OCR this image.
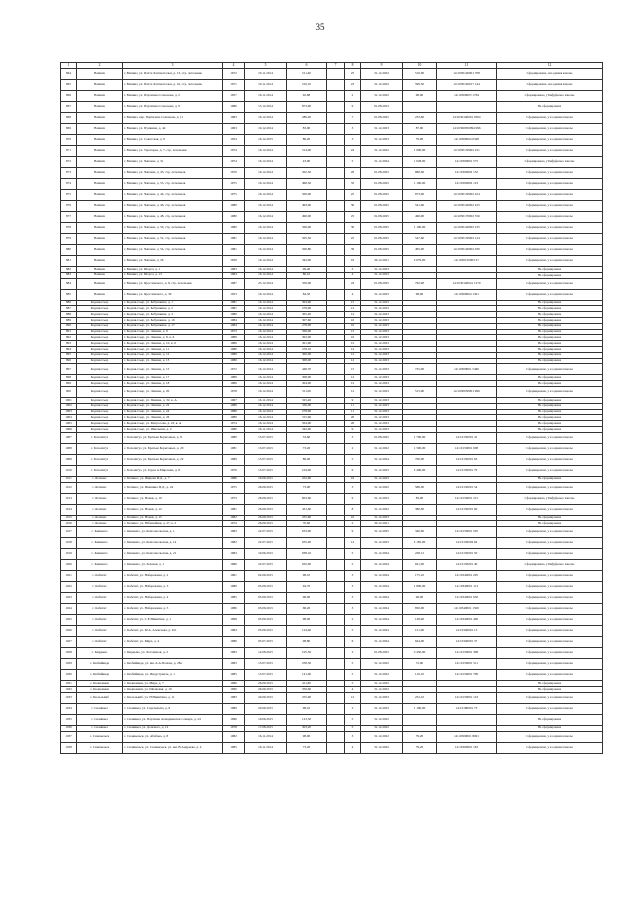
35
1	2	3	4	5	6	7	8	9	10	11	12
864	Вашкиз	г. Вашкиз, ул. Пахта Хаптылгальп, д. 13, стр. летельнав	1972	19.11.2014	511,40		25	31.12.2022	510,00	14:1030140001 708	Сформирована, она единая взнолы
865	Вашкиз	г. Вашкиз, ул. Пахта Хаптылгальп, д. 16, стр. летельнав	1971	19.11.2014	510,10		23	31.12.2022	599,50	14:1030140017 144	Сформирована, она единая взнолы
866	Вашкиз	г. Вашкиз, ул. Партизана Сомонова, д. 2	1957	16.11.2014	92,68		2	31.12.2022	98,00	14:10300005 1764	Сформирована, у Бифуфельго взнолы
867	Вашкиз	г. Вашкиз, ул. Партизана Сомонова, д. 9	1986	15.12.2014	873,90		9	01.08.2023			Не сформирована
868	Вашкиз	г. Вашкиз, пер. Партизана Сомонова, д. 11	1983	16.12.2014	286,20		7	01.08.2025	233,60	14:1030140001 0304	Сформирована, у ел единая взнолы
869	Вашкиз	г. Вашкиз, ул. Пушкина, д. 44	1963	19.12.2014	83,00		3	31.12.2023	87,00	14:10300050094 996	Сформирована, у ел единая взнолы
870	Вашкиз	г. Вашкиз, ул. Советская, д. 9	1954	16.12.2015	86,20		3	31.12.2023	79,00	14:10300004 0348	Сформирована, у ел единая взнолы
871	Вашкиз	г. Вашкиз, ул. Тараторка, д. 7, стр. летельнав	1974	16.12.2014	514,00		24	31.12.2022	1 000,00	14:1030150002 231	Сформирована, у ел единая взнолы
872	Вашкиз	г. Вашкиз, ул. Чапаева, д. 31	1974	16.12.2014	43,90		5	31.12.2024	1 028,00	14:10300001 575	Сформирована, у Бифуфельго взнолы
873	Вашкиз	г. Вашкиз, ул. Чапаева, д. 43, стр. летельнав	1970	16.12.2014	502,50		29	01.08.2025	880,00	14:10300002 132	Сформирована, у ел единая взнолы
874	Вашкиз	г. Вашкиз, ул. Чапаева, д. 53, стр. летельнав	1975	16.12.2014	498,50		35	01.08.2025	1 100,00	14:10300002 123	Сформирована, у ел единая взнолы
875	Вашкиз	г. Вашкиз, ул. Чапаева, д. 44, стр. летельнав	1975	16.12.2014	500,00		25	01.08.2025	873,00	14:1030150002 224	Сформирована, у ел единая взнолы
876	Вашкиз	г. Вашкиз, ул. Чапаева, д. 46, стр. летельнав	1980	16.12.2014	493,00		30	01.08.2025	541,60	14:1030140002 225	Сформирована, у ел единая взнолы
877	Вашкиз	г. Вашкиз, ул. Чапаева, д. 48, стр. летельнав	1980	16.12.2014	490,00		25	01.08.2025	466,00	14:1030170002 556	Сформирована, у ел единая взнолы
878	Вашкиз	г. Вашкиз, ул. Чапаева, д. 50, стр. летельнав	1980	16.12.2014	506,00		30	01.08.2025	1 100,00	14:1030140002 235	Сформирована, у ел единая взнолы
879	Вашкиз	г. Вашкиз, ул. Чапаева, д. 52, стр. летельнав	1981	16.12.2014	505,50		25	01.08.2025	547,60	14:1030150002 124	Сформирована, у ел единая взнолы
880	Вашкиз	г. Вашкиз, ул. Чапаева, д. 54, стр. летельнав	1981	16.12.2014	506,80		39	01.08.2025	495,00	14:1030140002 030	Сформирована, у ел единая взнолы
881	Вашкиз	г. Вашкиз, ул. Чапаева, д. 26	1959	16.12.2014	342,90		16	30.12.2021	2 679,00	14:1030150003 27	Сформирована, у ел единая взнолы
882	Вашкиз	г. Вашкиз, ул. Шорса, д. 1	1983	16.12.2014	99,40		3	31.12.2023			Не сформирована
883	Вашкиз	г. Вашкиз, ул. Шорса, д. 13	1984	16.12.2014	86,10		4	31.12.2023			Не сформирована
884	Вашкиз	г. Вашкиз, ул. Ярославского, д. 8, стр. летельнав	1987	23.12.2014	350,00		43	01.08.2025	792,00	14:1030140041 1270	Сформирована, у ел единая взнолы
885	Вашкиз	г. Вашкиз, ул. Ярославского, д. 39	1953	16.12.2014	84,50		4	31.12.2023	98,00	14:10300004 1301	Сформирована, у ел единая взнолы
886	Кодзяя-Сьер	г. Кодзяя-Сьер, ул. Бабушкина, д. 1	1981	16.12.2014	304,90		15	31.12.2023			Не сформирована
887	Кодзяя-Сьер	г. Кодзяя-Сьер, ул. Бабушкина, д. 2	1981	16.12.2014	278,00		12	31.12.2023			Не сформирована
888	Кодзяя-Сьер	г. Кодзяя-Сьер, ул. Бабушкина, д. 3	1986	16.12.2014	305,40		12	31.12.2023			Не сформирована
889	Кодзяя-Сьер	г. Кодзяя-Сьер, ул. Бабушкина, д. 16	1984	16.12.2014	307,60		10	31.12.2023			Не сформирована
890	Кодзяя-Сьер	г. Кодзяя-Сьер, ул. Бабушкина, д. 17	1984	16.12.2014	278,00		10	31.12.2023			Не сформирована
891	Кодзяя-Сьер	г. Кодзяя-Сьер, ул. Ленина, д. 9	1973	16.12.2014	506,00		15	31.12.2023			Не сформирована
892	Кодзяя-Сьер	г. Кодзяя-Сьер, ул. Ленина, д. 8, к. 6	1986	16.12.2014	302,00		10	31.12.2023			Не сформирована
893	Кодзяя-Сьер	г. Кодзяя-Сьер, ул. Ленина, д. 10, к. 6	1986	16.12.2014	301,90		12	31.12.2023			Не сформирована
894	Кодзяя-Сьер	г. Кодзяя-Сьер, ул. Ленина, д. 11	1986	16.12.2014	278,10		12	31.12.2023			Не сформирована
895	Кодзяя-Сьер	г. Кодзяя-Сьер, ул. Ленина, д. 12	1986	16.12.2014	300,00		12	31.12.2023			Не сформирована
896	Кодзяя-Сьер	г. Кодзяя-Сьер, ул. Ленина, д. 13	1986	16.12.2014	308,00		12	31.12.2023			Не сформирована
897	Кодзяя-Сьер	г. Кодзяя-Сьер, ул. Ленина, д. 15	1972	16.12.2014	448,70		15	31.12.2023	725,00	14:10300001 5460	Сформирована, у ел единая взнолы
898	Кодзяя-Сьер	г. Кодзяя-Сьер, ул. Ленина, д. 17	1986	16.12.2014	308,00		12	31.12.2023			Не сформирована
899	Кодзяя-Сьер	г. Кодзяя-Сьер, ул. Ленина, д. 18	1986	16.12.2014	304,00		12	31.12.2023			Не сформирована
900	Кодзяя-Сьер	г. Кодзяя-Сьер, ул. Ленина, д. 20	1978	16.12.2014	311,00		12	31.12.2023	515,00	14:1030050001 996	Сформирована, у ел единая взнолы
1001	Кодзяя-Сьер	г. Кодзяя-Сьер, ул. Пенина, д. 32, к. А	1967	16.11.2014	325,40		9	31.12.2023			Не сформирована
1002	Кодзяя-Сьер	г. Кодзяя-Сьер, ул. Ленина, д. 22	1986	16.12.2014	336,00		11	31.12.2023			Не сформирована
1003	Кодзяя-Сьер	г. Кодзяя-Сьер, ул. Ленина, д. 24	1986	16.12.2014	278,90		11	31.12.2023			Не сформирована
1004	Кодзяя-Сьер	г. Кодзяя-Сьер, ул. Ленина, д. 26	1986	16.12.2014	315,60		20	31.12.2023			Не сформирована
1005	Кодзяя-Сьер	г. Кодзяя-Сьер, ул. Матросова, д. 23, к. А	1974	16.12.2014	504,00		20	31.12.2023			Не сформирована
1006	Кодзяя-Сьер	г. Кодзяя-Сьер, ул. Школьная, д. 2	1986	16.11.2014	342,00		9	31.12.2023			Не сформирована
1007	с. Бохолитуз	с. Бохолитуз, ул. Братьев Борисовых, д. 8	1980	13.07.2015	33,60		3	01.08.2025	1 790,00	14:10150001 41	Сформирована, у ел единая взнолы
1008	с. Бохолитуз	с. Бохолитуз, ул. Братьев Борисовых, д. 20	1981	13.07.2015	73,20		2	31.12.2022	1 500,00	14:10150001 608	Сформирована, у ел единая взнолы
1009	с. Бохолитуз	с. Бохолитуз, ул. Братьев Борисовых, д. 22	1989	13.07.2015	86,00		5	31.12.2024	790,00	14:10150001 63	Сформирована, у ел единая взнолы
1010	с. Бохолитуз	с. Бохолитуз, ул. Героя А.Мирзаева, д. 8	1976	13.07.2015	104,00		6	31.12.2023	2 400,00	14:10150001 70	Сформирована, у ел единая взнолы
1011	с. Бетинес	с. Бетинес, ул. Жирова И.Д., д. 7	1986	16.09.2015	252,00		16	31.12.2023			Не сформирована
1012	с. Бетинес	с. Бетинес, ул. Ивашина И.Д., д. 24	1975	26.09.2015	73,00		3	31.12.2022	586,00	14:10150001 54	Сформирована, у ел единая взнолы
1013	с. Бетинес	с. Бетинес, ул. Новая, д. 10	1973	26.09.2015	603,60		9	31.12.2023	83,00	14:10150001 215	Сформирована, у Бифуфельго взнолы
1014	с. Бетинес	с. Бетинес, ул. Новая, д. 12	1981	26.09.2015	431,60		8	31.12.2022	380,00	14:10150001 60	Сформирована, у ел единая взнолы
1015	с. Бетинес	с. Бетинес, ул. Новая, д. 15	1982	26.09.2015	255,60		10	31.12.2023			Не сформирована
1016	с. Бетинес	с. Бетинес, ул. Юбилейная, д. 27, к. 2	1974	26.09.2015	70,60		2	30.12.2021			Не сформирована
1017	с. Кинжепо	с. Кинжепо, ул. Комсомольская, д. 1	1983	22.07.2015	633,00		9	31.12.2025	340,00	14:10150001 505	Сформирована, у ел единая взнолы
1018	с. Кинжепо	с. Кинжепо, ул. Комсомольская, д. 14	1982	22.07.2015	635,00		12	31.12.2023	2 185,00	14:10150004 64	Сформирована, у ел единая взнолы
1019	с. Кинжепо	с. Кинжепо, ул. Комсомольская, д. 21	1984	19.06.2015	938,10		5	31.12.2024	228,12	14:10150001 50	Сформирована, у ел единая взнолы
1020	с. Кинжепо	с. Кинжепо, ул. Зеленая, д. 1	1986	22.07.2015	632,00		5	31.12.2024	621,00	14:10150001 40	Сформирована, у Бифуфельго взнолы
1021	с. Кабегит	с. Кабегит, ул. Набережная, д. 2	1961	02.09.2015	98,10		3	31.12.2024	175,10	14:10340001 205	Сформирована, у ел единая взнолы
1022	с. Кабегит	с. Кабегит, ул. Набережная, д. 3	1989	03.09.2015	94,70		3	31.12.2024	1 800,00	14:10340001 113	Сформирована, у ел единая взнолы
1023	с. Кабегит	с. Кабегит, ул. Набережная, д. 4	1985	03.09.2015	98,00		3	31.12.2024	96,00	14:10340001 650	Сформирована, у ел единая взнолы
1024	с. Кабегит	с. Кабегит, ул. Набережная, д. 5	1986	03.09.2015	68,20		3	31.12.2024	850,00	14:10340001 1500	Сформирована, у ел единая взнолы
1025	с. Кабегит	с. Кабегит, ул. С.Е.Никитина, д. 1	1998	03.09.2015	98,00		2	31.12.2024	128,00	14:10340001 400	Сформирована, у ел единая взнолы
1026	с. Кабегит	с. Кабегит, ул. М.А. Алексеева, д. 451	1984	03.09.2015	124,40		5	31.12.2024	121,00	14:10340001 13	Сформирована, у ел единая взнолы
1027	с. Кабегит	с. Кабегит, ул. Мира, д. 4	1986	03.07.2015	98,80		6	31.12.2024	644,00	14:10340001 37	Сформирована, у ел единая взнолы
1028	с. Кирдыко	с. Кирдыко, ул. Хотоманов, д. 2	1983	14.08.2015	105,30		3	01.08.2025	3 450,00	14:10150001 398	Сформирована, у ел единая взнолы
1029	с. Кюбяйинде	с. Кюбяйинде, ул. им. А.А.Попова, д. 28а	1983	13.07.2015	258,50		5	31.12.2022	72,00	14:10150001 511	Сформирована, у ел единая взнолы
1030	с. Кюбяйинде	с. Кюбяйинде, ул. Индустриаль, д. 1	1985	13.07.2015	141,00		5	31.12.2022	116,10	14:10150001 706	Сформирована, у ел единая взнолы
1031	с. Кюкюмени	с. Кюкюмени, ул. Мира, д. 7	1986	26.09.2015	411,60		5	31.12.2022			Не сформирована
1032	с. Кюкюмени	с. Кюкюмени, ул. Шелковая, д. 10	1990	26.09.2015	356,60		4	31.12.2022			Не сформирована
1033	с. Кюсьльвиб	с. Кюсьльвиб, ул. Н.Никитина, д. 11	1983	20.09.2015	255,00		12	31.12.2023	252,10	14:10150001 123	Сформирована, у ел единая взнолы
1034	с. Сюнявыл	с. Сюнявыл, ул. Сергеялыха, д. 8	1989	20.09.2015	98,10		3	31.12.2023	1 190,00	14:10180001 73	Сформирована, у ел единая взнолы
1035	с. Сюнявыл	с. Сюнявыл, ул. Партизан Ахмадиевского сквера, д. 24	1996	16.06.2015	123,50		5	31.12.2022			Не сформирована
1036	с. Сюнявыл	с. Сюнявыл, ул. Донского, д. 12	1978	17.08.2015	303,20		5	31.12.2022			Не сформирована
1037	с. Сюнвыльск	с. Сюнвыльск, ул. Абабака, д. 8	1982	16.11.2014	98,00		3	31.12.2022	79,20	14:10300001 8001	Сформирована, у ел единая взнолы
1038	с. Сюнвыльск	с. Сюнвыльск, ул. Сюнвыльск, ул. им. В.Андреева, д. 4	1985	16.11.2014	73,20		4	31.12.2022	79,20	14:10300001 163	Сформирована, у ел единая взнолы
